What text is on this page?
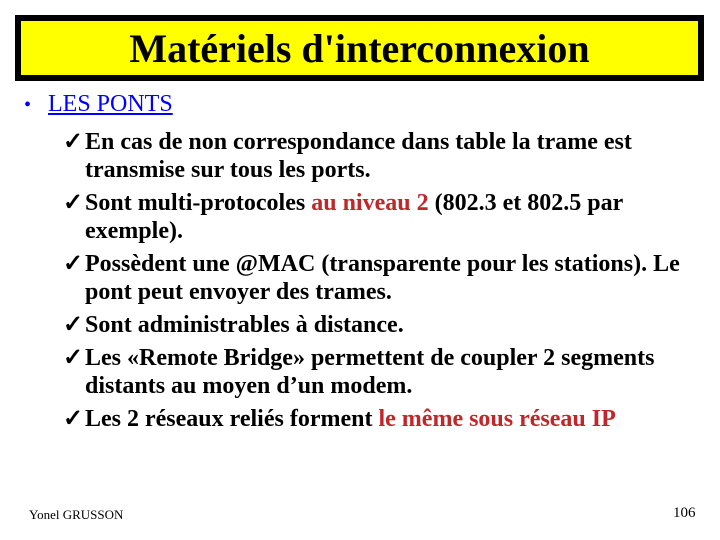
Matériels d'interconnexion
• LES PONTS
✓ En cas de non correspondance dans table la trame est transmise sur tous les ports.
✓ Sont multi-protocoles au niveau 2 (802.3 et 802.5 par exemple).
✓ Possèdent une @MAC (transparente pour les stations). Le pont peut envoyer des trames.
✓ Sont administrables à distance.
✓ Les «Remote Bridge» permettent de coupler 2 segments distants au moyen d’un modem.
✓ Les 2 réseaux reliés forment le même sous réseau IP
Yonel GRUSSON	106
